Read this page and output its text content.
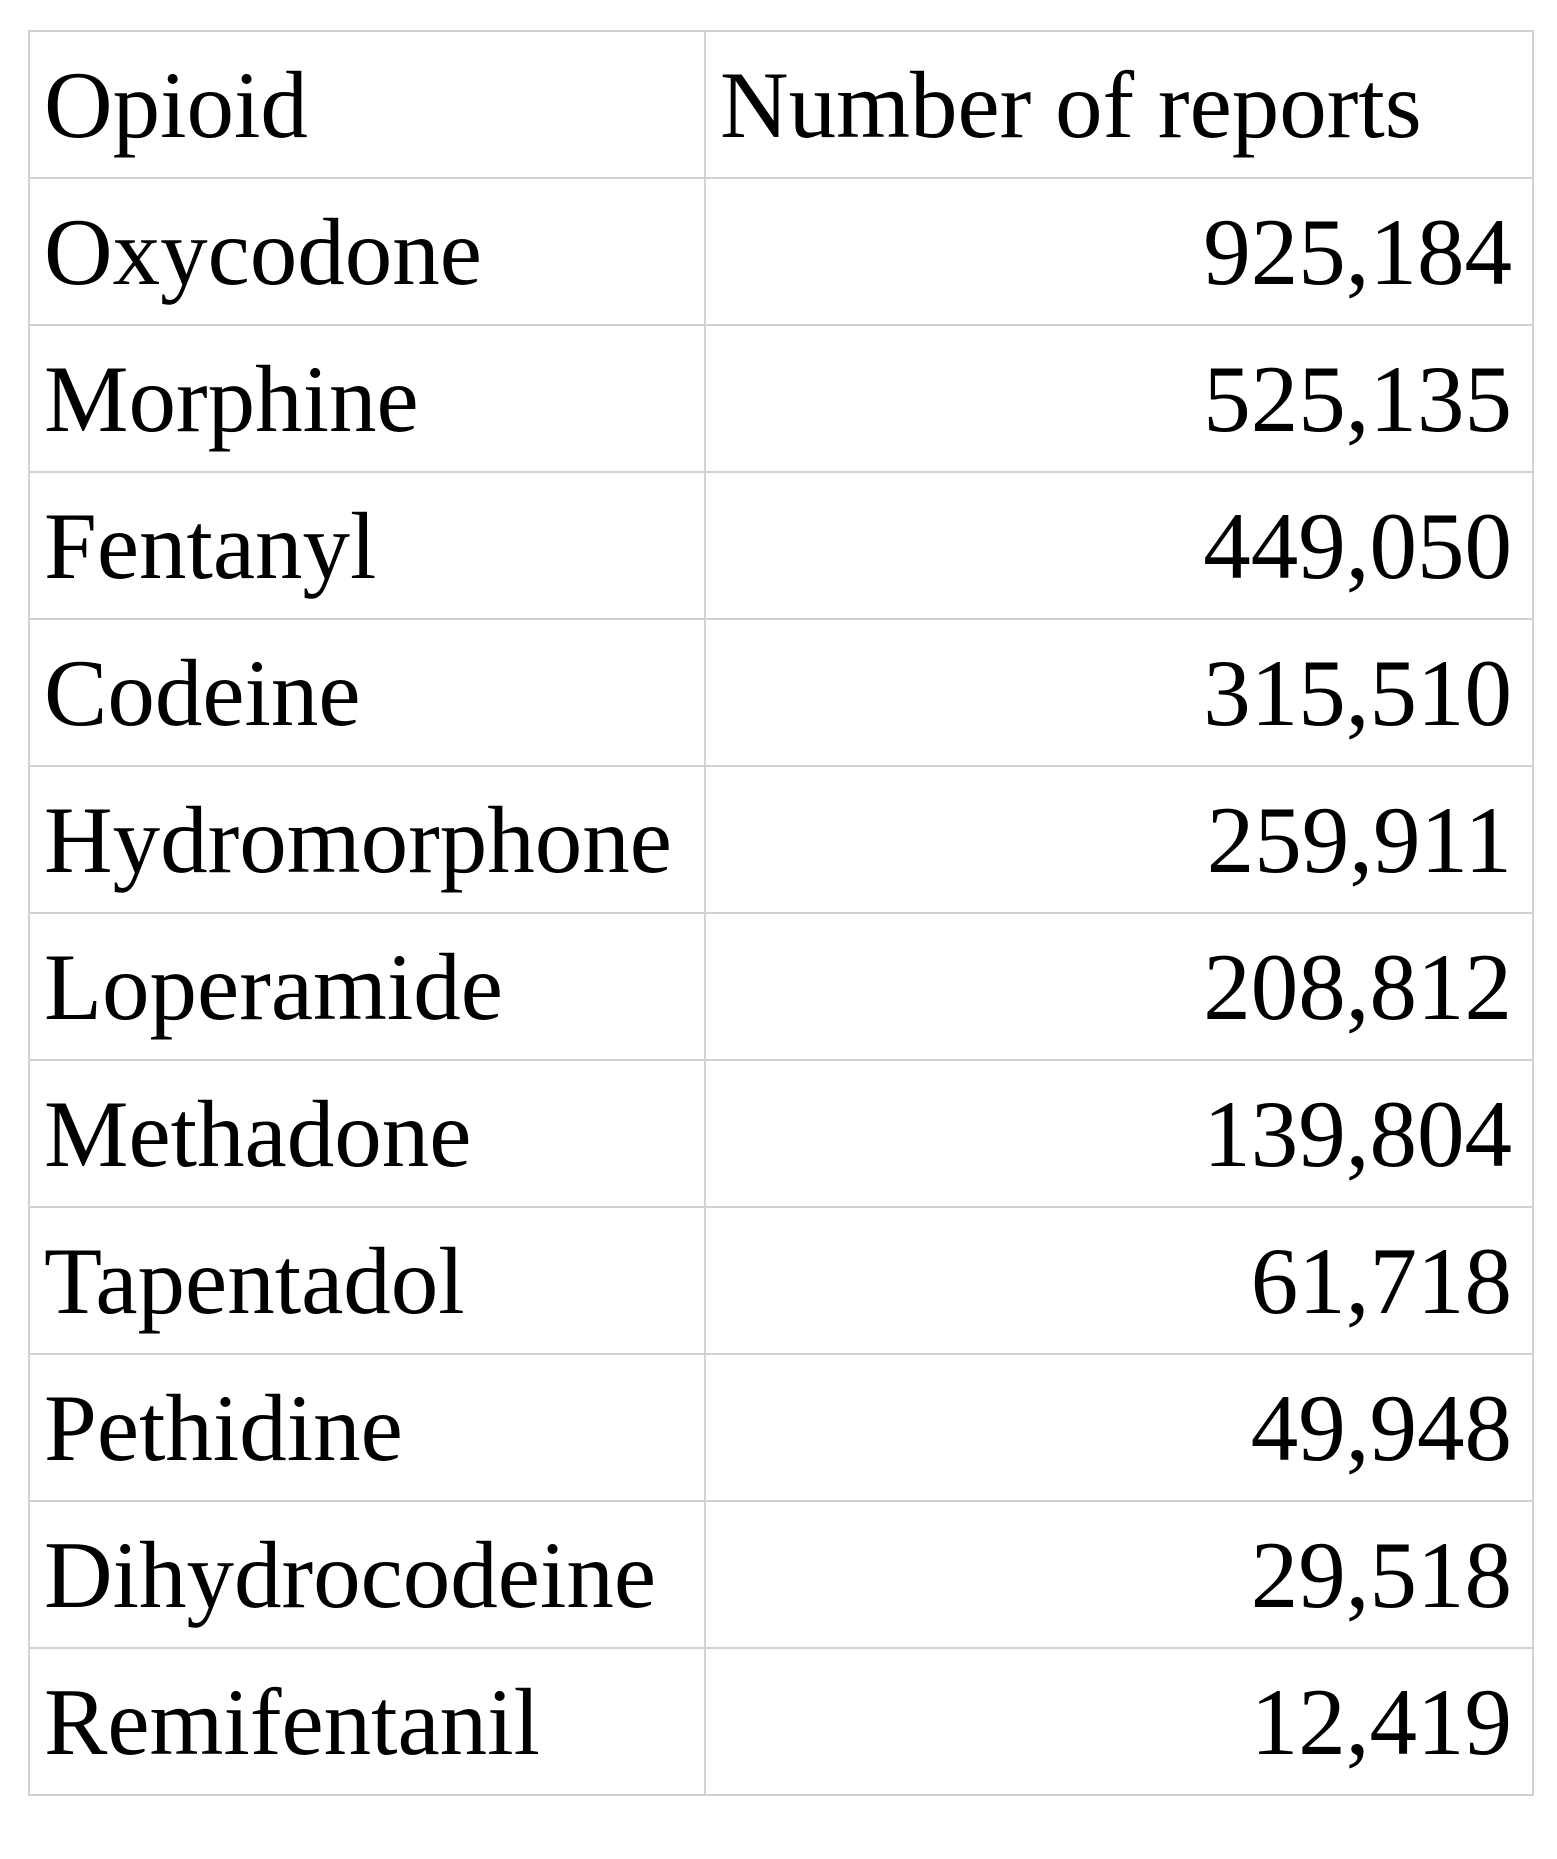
Opioid	Number of reports
Oxycodone	925,184
Morphine	525,135
Fentanyl	449,050
Codeine	315,510
Hydromorphone	259,911
Loperamide	208,812
Methadone	139,804
Tapentadol	61,718
Pethidine	49,948
Dihydrocodeine	29,518
Remifentanil	12,419
